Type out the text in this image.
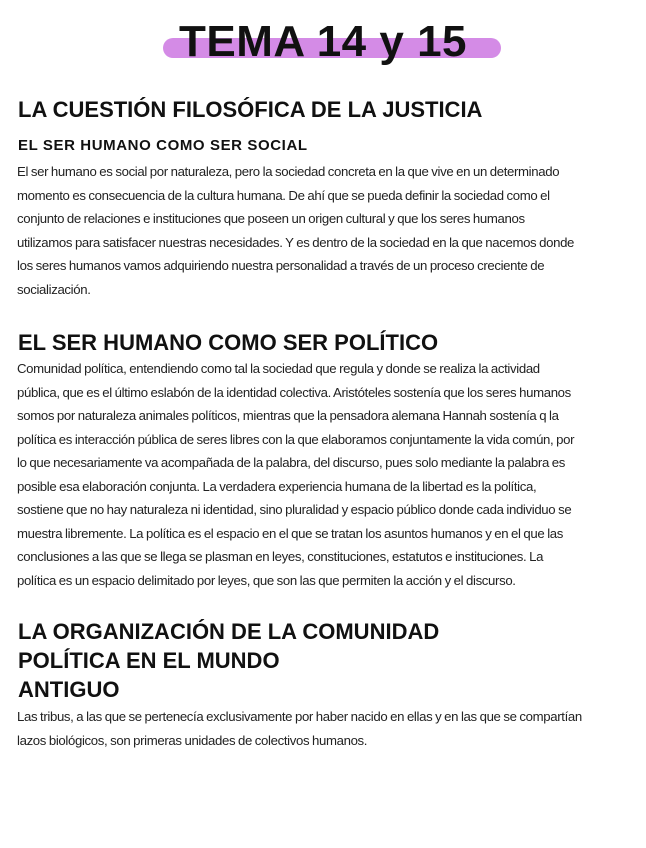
TEMA 14 y 15
LA CUESTIÓN FILOSÓFICA DE LA JUSTICIA
EL SER HUMANO COMO SER SOCIAL
El ser humano es social por naturaleza, pero la sociedad concreta en la que vive en un determinado
momento es consecuencia de la cultura humana. De ahí que se pueda definir la sociedad como el
conjunto de relaciones e instituciones que poseen un origen cultural y que los seres humanos
utilizamos para satisfacer nuestras necesidades. Y es dentro de la sociedad en la que nacemos donde
los seres humanos vamos adquiriendo nuestra personalidad a través de un proceso creciente de
socialización.
EL SER HUMANO COMO SER POLÍTICO
Comunidad política, entendiendo como tal la sociedad que regula y donde se realiza la actividad
pública, que es el último eslabón de la identidad colectiva. Aristóteles sostenía que los seres humanos
somos por naturaleza animales políticos, mientras que la pensadora alemana Hannah sostenía q la
política es interacción pública de seres libres con la que elaboramos conjuntamente la vida común, por
lo que necesariamente va acompañada de la palabra, del discurso, pues solo mediante la palabra es
posible esa elaboración conjunta. La verdadera experiencia humana de la libertad es la política,
sostiene que no hay naturaleza ni identidad, sino pluralidad y espacio público donde cada individuo se
muestra libremente. La política es el espacio en el que se tratan los asuntos humanos y en el que las
conclusiones a las que se llega se plasman en leyes, constituciones, estatutos e instituciones. La
política es un espacio delimitado por leyes, que son las que permiten la acción y el discurso.
LA ORGANIZACIÓN DE LA COMUNIDAD
POLÍTICA EN EL MUNDO
ANTIGUO
Las tribus, a las que se pertenecía exclusivamente por haber nacido en ellas y en las que se compartían
lazos biológicos, son primeras unidades de colectivos humanos.
